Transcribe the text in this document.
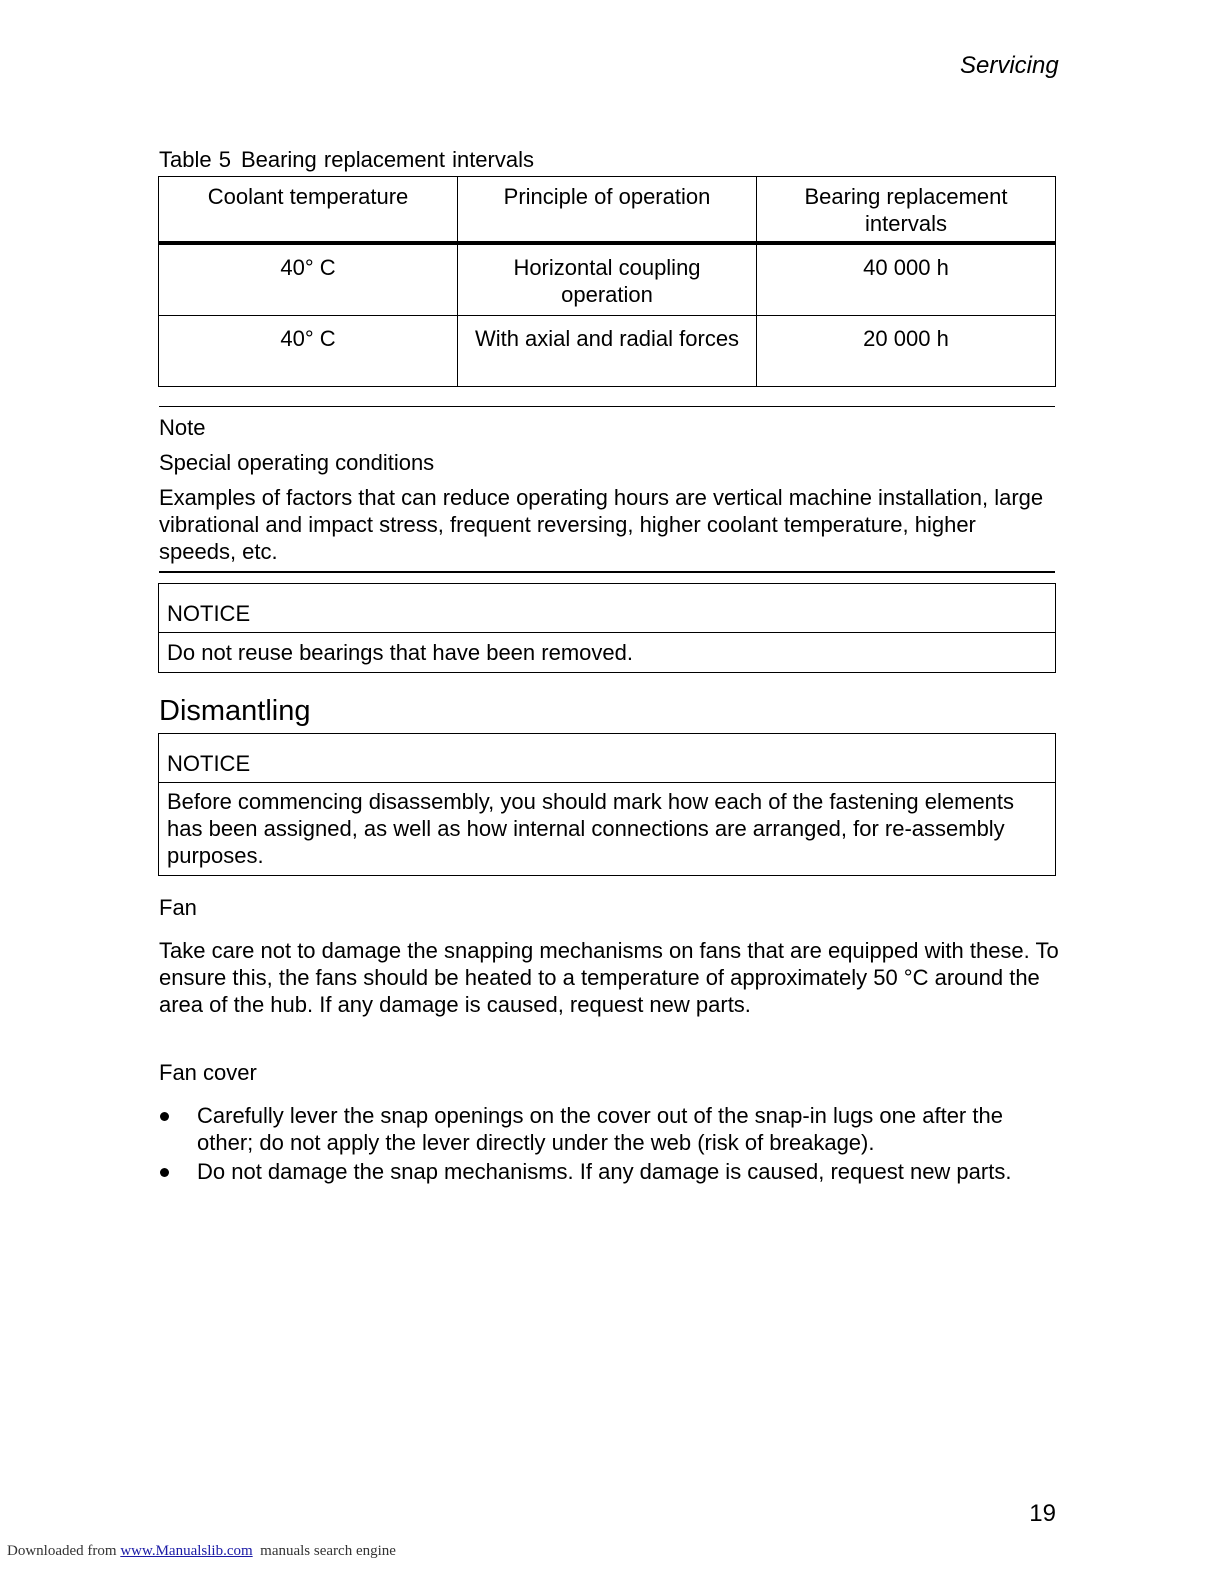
Servicing
Table 5 Bearing replacement intervals
Coolant temperature	Principle of operation	Bearing replacement intervals
40° C	Horizontal coupling operation	40 000 h
40° C	With axial and radial forces	20 000 h
Note
Special operating conditions
Examples of factors that can reduce operating hours are vertical machine installation, large vibrational and impact stress, frequent reversing, higher coolant temperature, higher speeds, etc.
NOTICE
Do not reuse bearings that have been removed.
Dismantling
NOTICE
Before commencing disassembly, you should mark how each of the fastening elements has been assigned, as well as how internal connections are arranged, for re-assembly purposes.
Fan
Take care not to damage the snapping mechanisms on fans that are equipped with these. To ensure this, the fans should be heated to a temperature of approximately 50 °C around the area of the hub. If any damage is caused, request new parts.
Fan cover
Carefully lever the snap openings on the cover out of the snap-in lugs one after the other; do not apply the lever directly under the web (risk of breakage).
Do not damage the snap mechanisms. If any damage is caused, request new parts.
19
Downloaded from www.Manualslib.com manuals search engine
